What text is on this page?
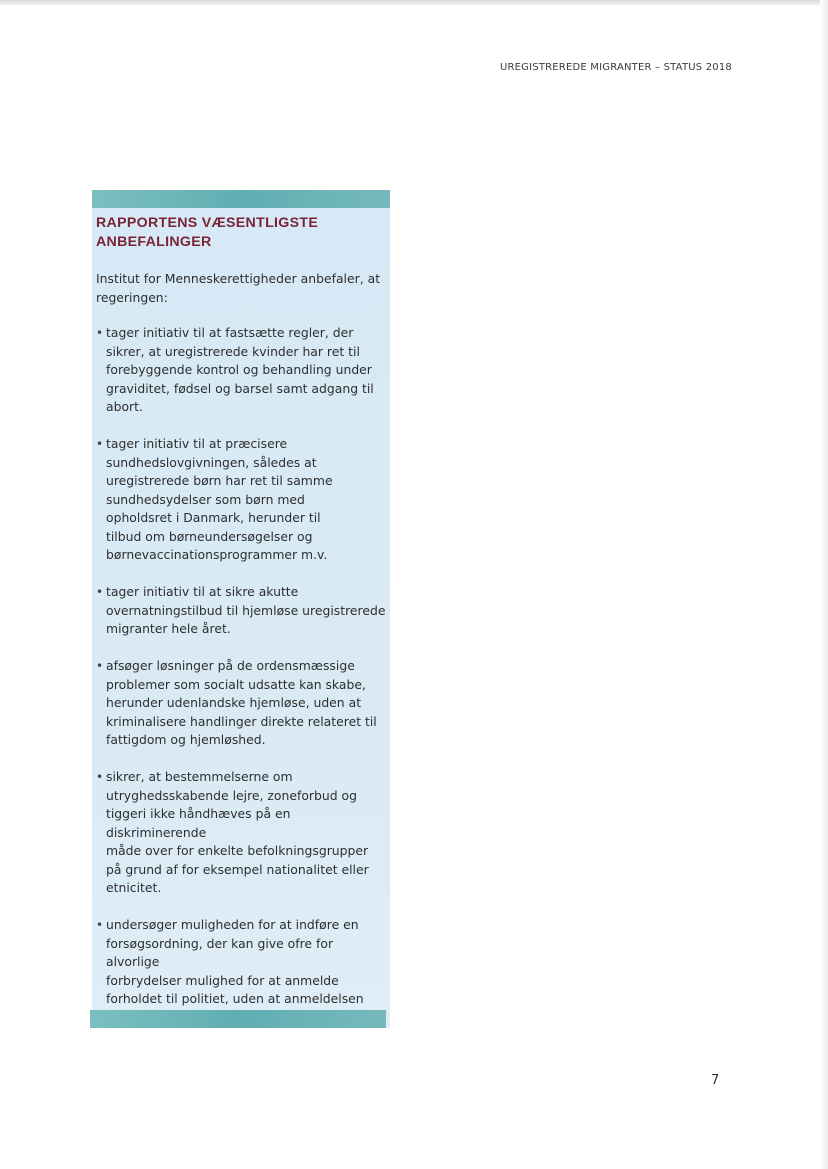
UREGISTREREDE MIGRANTER – STATUS 2018
RAPPORTENS VÆSENTLIGSTE
ANBEFALINGER

Institut for Menneskerettigheder anbefaler, at
regeringen:

• tager initiativ til at fastsætte regler, der
sikrer, at uregistrerede kvinder har ret til
forebyggende kontrol og behandling under
graviditet, fødsel og barsel samt adgang til
abort.
• tager initiativ til at præcisere
sundhedslovgivningen, således at
uregistrerede børn har ret til samme
sundhedsydelser som børn med
opholdsret i Danmark, herunder til
tilbud om børneundersøgelser og
børnevaccinationsprogrammer m.v.
• tager initiativ til at sikre akutte
overnatningstilbud til hjemløse uregistrerede
migranter hele året.
• afsøger løsninger på de ordensmæssige
problemer som socialt udsatte kan skabe,
herunder udenlandske hjemløse, uden at
kriminalisere handlinger direkte relateret til
fattigdom og hjemløshed.
• sikrer, at bestemmelserne om
utryghedsskabende lejre, zoneforbud og
tiggeri ikke håndhæves på en diskriminerende
måde over for enkelte befolkningsgrupper
på grund af for eksempel nationalitet eller
etnicitet.
• undersøger muligheden for at indføre en
forsøgsordning, der kan give ofre for alvorlige
forbrydelser mulighed for at anmelde
forholdet til politiet, uden at anmeldelsen

7
